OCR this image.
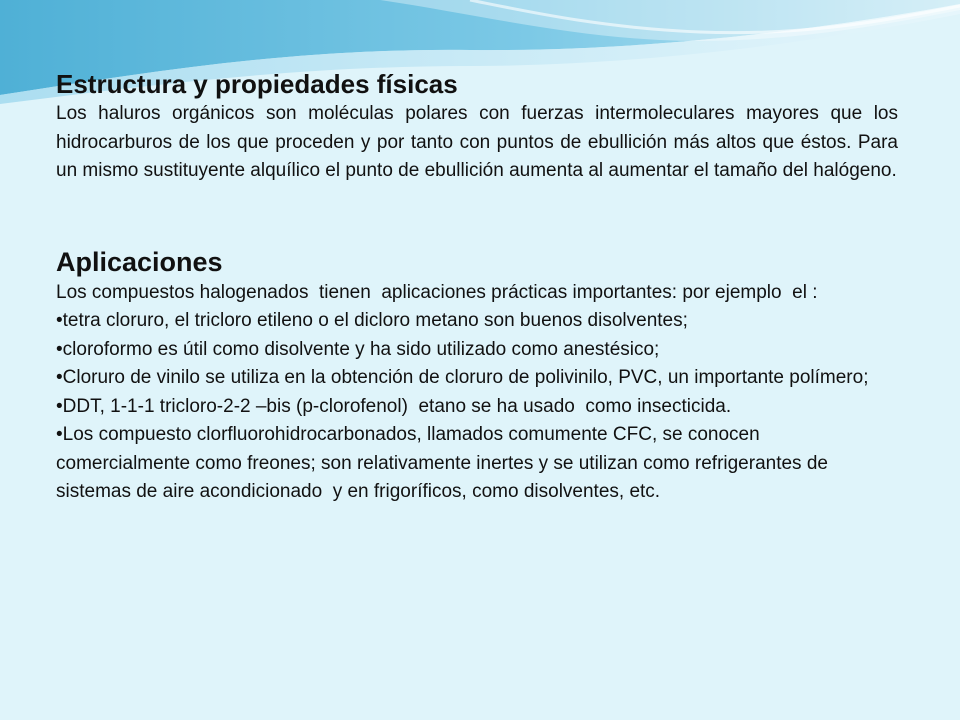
Estructura y propiedades físicas

Los haluros orgánicos son moléculas polares con fuerzas intermoleculares mayores que los hidrocarburos de los que proceden y por tanto con puntos de ebullición más altos que éstos. Para un mismo sustituyente alquílico el punto de ebullición aumenta al aumentar el tamaño del halógeno.

Aplicaciones

Los compuestos halogenados  tienen  aplicaciones prácticas importantes: por ejemplo  el :

•tetra cloruro, el tricloro etileno o el dicloro metano son buenos disolventes;

•cloroformo es útil como disolvente y ha sido utilizado como anestésico;

•Cloruro de vinilo se utiliza en la obtención de cloruro de polivinilo, PVC, un importante polímero;

•DDT, 1-1-1 tricloro-2-2 –bis (p-clorofenol)  etano se ha usado  como insecticida.

•Los compuesto clorfluorohidrocarbonados, llamados comumente CFC, se conocen comercialmente como freones; son relativamente inertes y se utilizan como refrigerantes de sistemas de aire acondicionado  y en frigoríficos, como disolventes, etc.
